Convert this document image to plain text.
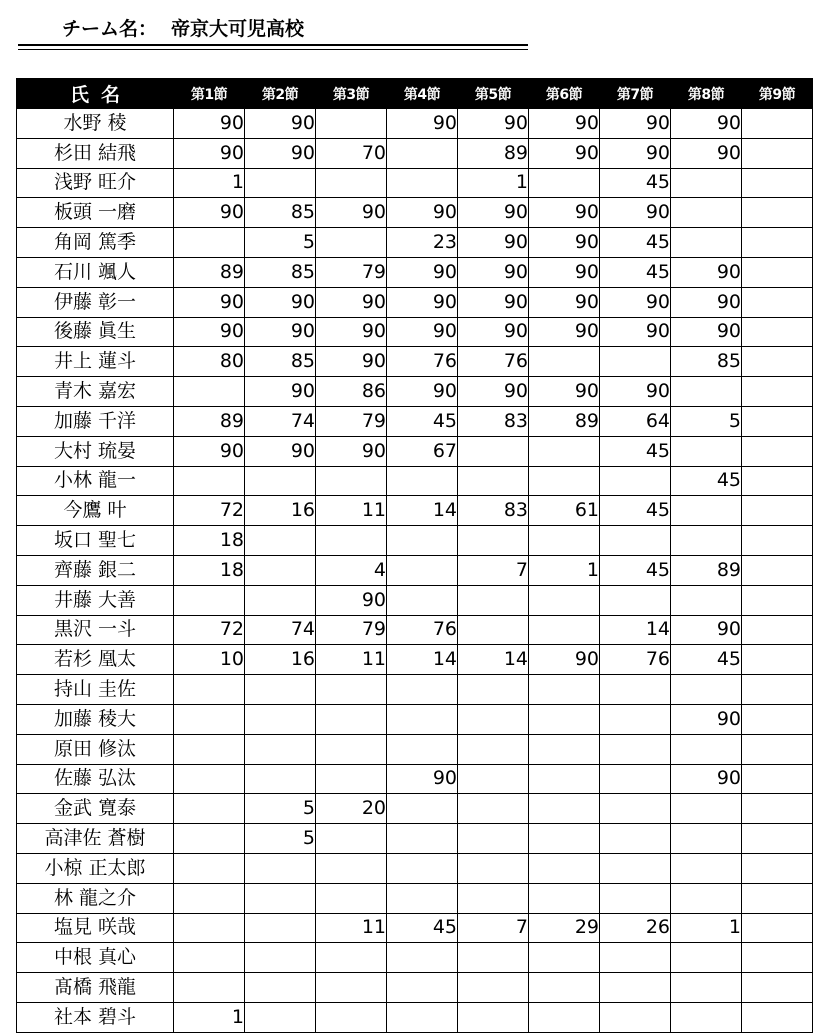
チーム名： 帝京大可児高校
氏名	第1節	第2節	第3節	第4節	第5節	第6節	第7節	第8節	第9節
水野 稜	90	90		90	90	90	90	90	
杉田 結飛	90	90	70		89	90	90	90	
浅野 旺介	1				1		45		
板頭 一磨	90	85	90	90	90	90	90		
角岡 篤季		5		23	90	90	45		
石川 颯人	89	85	79	90	90	90	45	90	
伊藤 彰一	90	90	90	90	90	90	90	90	
後藤 眞生	90	90	90	90	90	90	90	90	
井上 蓮斗	80	85	90	76	76			85	
青木 嘉宏		90	86	90	90	90	90		
加藤 千洋	89	74	79	45	83	89	64	5	
大村 琉晏	90	90	90	67			45		
小林 龍一								45	
今鷹 叶	72	16	11	14	83	61	45		
坂口 聖七	18								
齊藤 銀二	18		4		7	1	45	89	
井藤 大善			90						
黒沢 一斗	72	74	79	76			14	90	
若杉 凰太	10	16	11	14	14	90	76	45	
持山 圭佐									
加藤 稜大								90	
原田 修汰									
佐藤 弘汰				90				90	
金武 寛泰		5	20						
高津佐 蒼樹		5							
小椋 正太郎									
林 龍之介									
塩見 咲哉			11	45	7	29	26	1	
中根 真心									
髙橋 飛龍									
社本 碧斗	1								
